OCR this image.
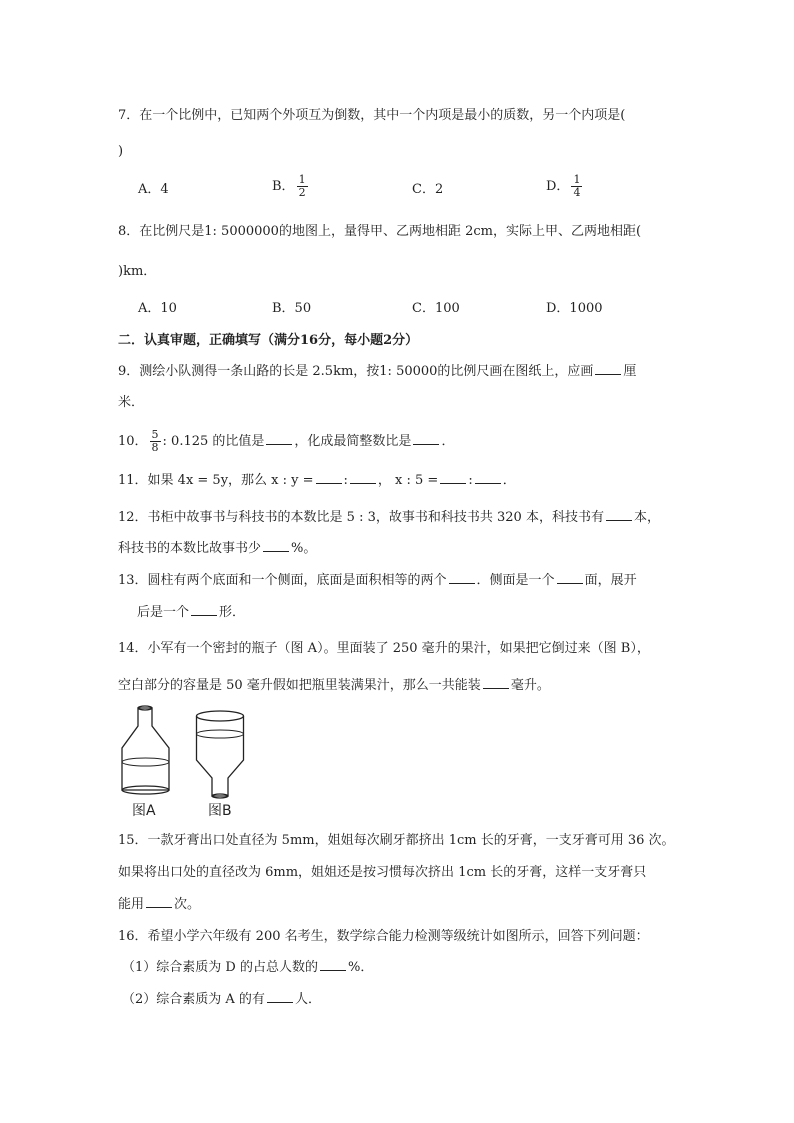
7．在一个比例中，已知两个外项互为倒数，其中一个内项是最小的质数，另一个内项是(
)
A．4	B． $\frac{1}{2}$	C．2	D． $\frac{1}{4}$
8．在比例尺是1: 5000000的地图上，量得甲、乙两地相距 2cm，实际上甲、乙两地相距(
)km．
A．10	B．50	C．100	D．1000
二．认真审题，正确填写（满分16分，每小题2分）
9．测绘小队测得一条山路的长是 2.5km，按1: 50000的比例尺画在图纸上，应画 厘
米．
10． $\frac{5}{8}$ : 0.125 的比值是 ，化成最简整数比是 ．
11．如果 4x = 5y，那么 x : y = : ， x : 5 = : ．
12．书柜中故事书与科技书的本数比是 5 : 3，故事书和科技书共 320 本，科技书有 本，
科技书的本数比故事书少 %。
13．圆柱有两个底面和一个侧面，底面是面积相等的两个 ．侧面是一个 面，展开
后是一个 形．
14．小军有一个密封的瓶子（图 A）。里面装了 250 毫升的果汁，如果把它倒过来（图 B），
空白部分的容量是 50 毫升假如把瓶里装满果汁，那么一共能装 毫升。
图A	图B
15．一款牙膏出口处直径为 5mm，姐姐每次刷牙都挤出 1cm 长的牙膏，一支牙膏可用 36 次。
如果将出口处的直径改为 6mm，姐姐还是按习惯每次挤出 1cm 长的牙膏，这样一支牙膏只
能用 次。
16．希望小学六年级有 200 名考生，数学综合能力检测等级统计如图所示，回答下列问题：
（1）综合素质为 D 的占总人数的 %．
（2）综合素质为 A 的有 人．
